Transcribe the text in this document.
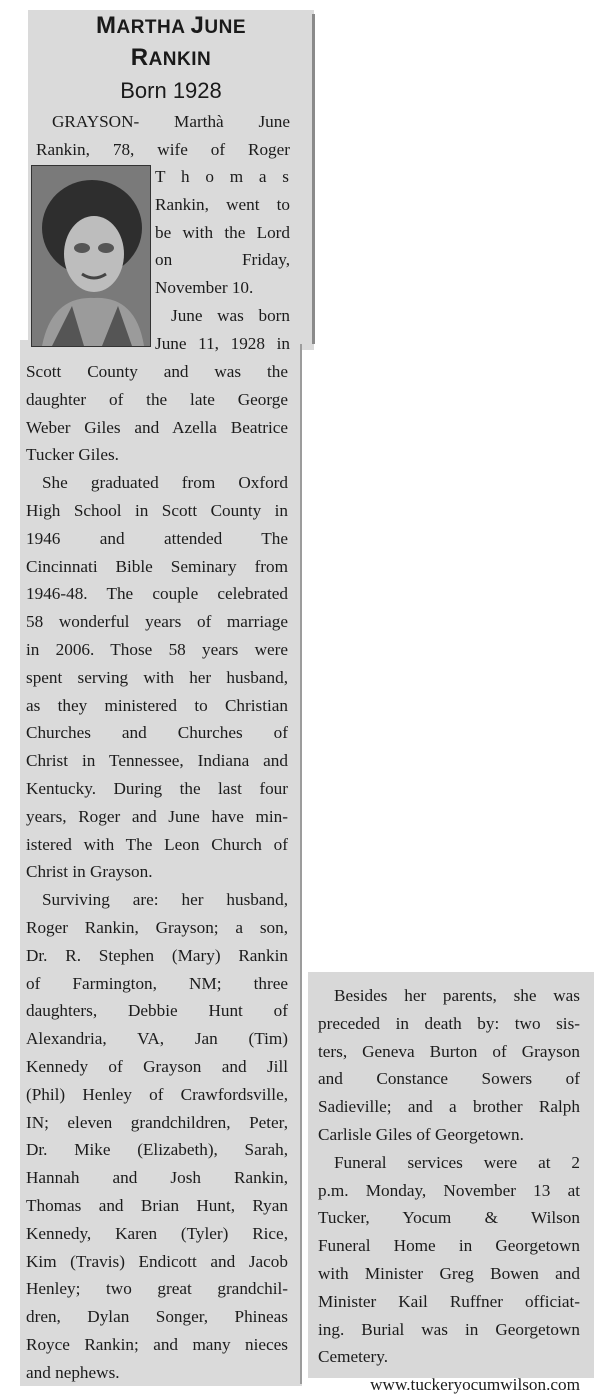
MARTHA JUNE
RANKIN
Born 1928

GRAYSON- Marthà June

Rankin, 78, wife of Roger

T h o m a s

Rankin, went to

be with the Lord

on Friday,

November 10.

June was born

June 11, 1928 in

Scott County and was the

daughter of the late George

Weber Giles and Azella Beatrice

Tucker Giles.

She graduated from Oxford

High School in Scott County in

1946 and attended The

Cincinnati Bible Seminary from

1946-48. The couple celebrated

58 wonderful years of marriage

in 2006. Those 58 years were

spent serving with her husband,

as they ministered to Christian

Churches and Churches of

Christ in Tennessee, Indiana and

Kentucky. During the last four

years, Roger and June have min-

istered with The Leon Church of

Christ in Grayson.

Surviving are: her husband,

Roger Rankin, Grayson; a son,

Dr. R. Stephen (Mary) Rankin

of Farmington, NM; three

daughters, Debbie Hunt of

Alexandria, VA, Jan (Tim)

Kennedy of Grayson and Jill

(Phil) Henley of Crawfordsville,

IN; eleven grandchildren, Peter,

Dr. Mike (Elizabeth), Sarah,

Hannah and Josh Rankin,

Thomas and Brian Hunt, Ryan

Kennedy, Karen (Tyler) Rice,

Kim (Travis) Endicott and Jacob

Henley; two great grandchil-

dren, Dylan Songer, Phineas

Royce Rankin; and many nieces

and nephews.

Besides her parents, she was

preceded in death by: two sis-

ters, Geneva Burton of Grayson

and Constance Sowers of

Sadieville; and a brother Ralph

Carlisle Giles of Georgetown.

Funeral services were at 2

p.m. Monday, November 13 at

Tucker, Yocum & Wilson

Funeral Home in Georgetown

with Minister Greg Bowen and

Minister Kail Ruffner officiat-

ing. Burial was in Georgetown

Cemetery.

www.tuckeryocumwilson.com
